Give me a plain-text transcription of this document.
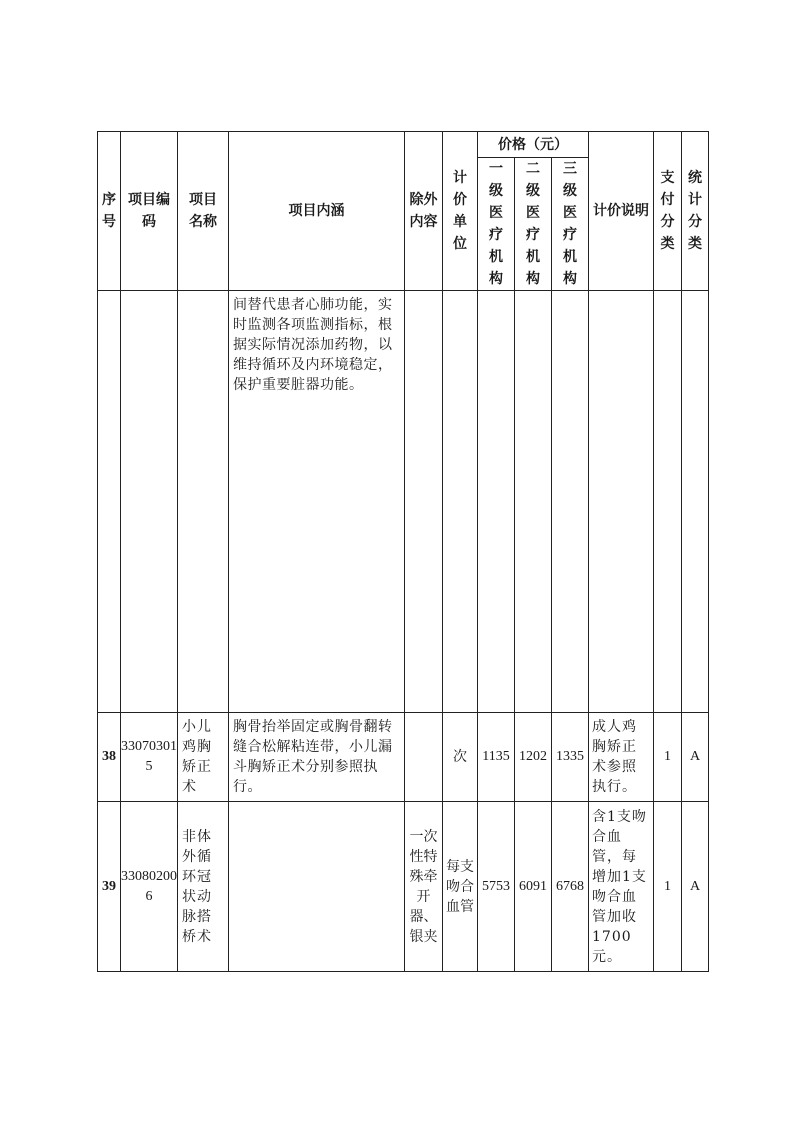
序号	项目编码	项目名称	项目内涵	除外内容	计价单位	价格（元）			计价说明	支付分类	统计分类
						一级医疗机构	二级医疗机构	三级医疗机构			
			间替代患者心肺功能，实时监测各项监测指标，根据实际情况添加药物，以维持循环及内环境稳定，保护重要脏器功能。								
38	330703015	小儿鸡胸矫正术	胸骨抬举固定或胸骨翻转缝合松解粘连带，小儿漏斗胸矫正术分别参照执行。		次	1135	1202	1335	成人鸡胸矫正术参照执行。	1	A
39	330802006	非体外循环冠状动脉搭桥术		一次性特殊牵开器、银夹	每支吻合血管	5753	6091	6768	含1支吻合血管，每增加1支吻合血管加收1700元。	1	A
